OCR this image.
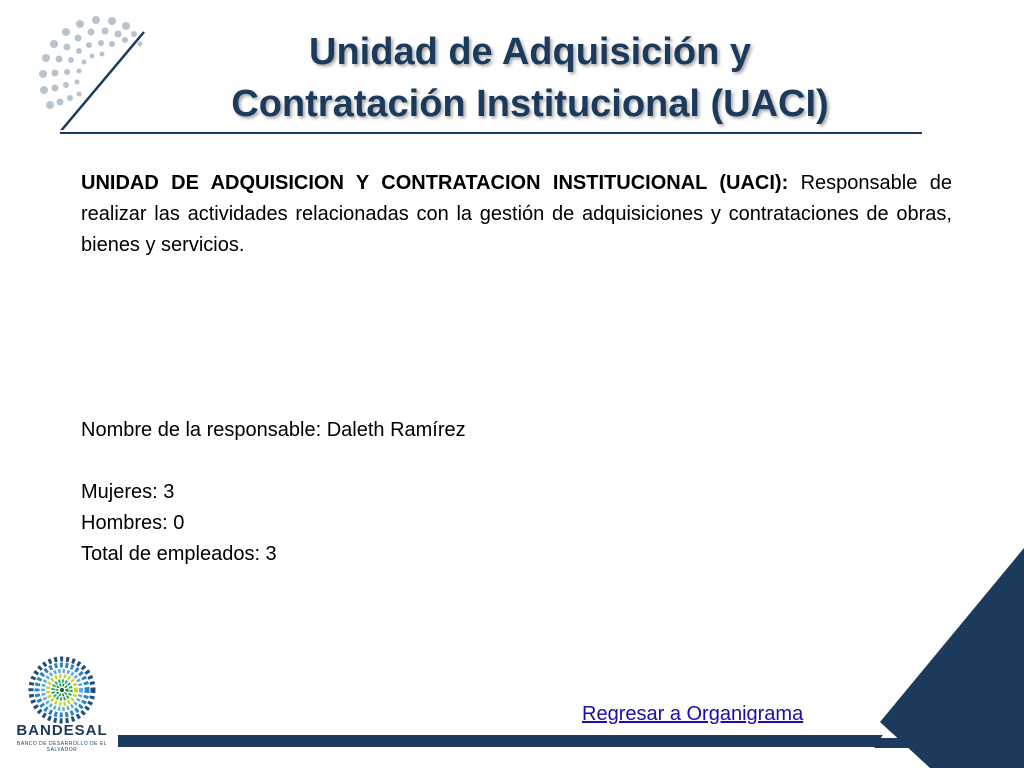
Unidad de Adquisición y
Contratación Institucional (UACI)
UNIDAD DE ADQUISICION Y CONTRATACION INSTITUCIONAL (UACI): Responsable de realizar las actividades relacionadas con la gestión de adquisiciones y contrataciones de obras, bienes y servicios.
Nombre de la responsable: Daleth Ramírez
Mujeres: 3
Hombres: 0
Total de empleados: 3
Regresar a Organigrama
BANDESAL
BANCO DE DESARROLLO DE EL SALVADOR
